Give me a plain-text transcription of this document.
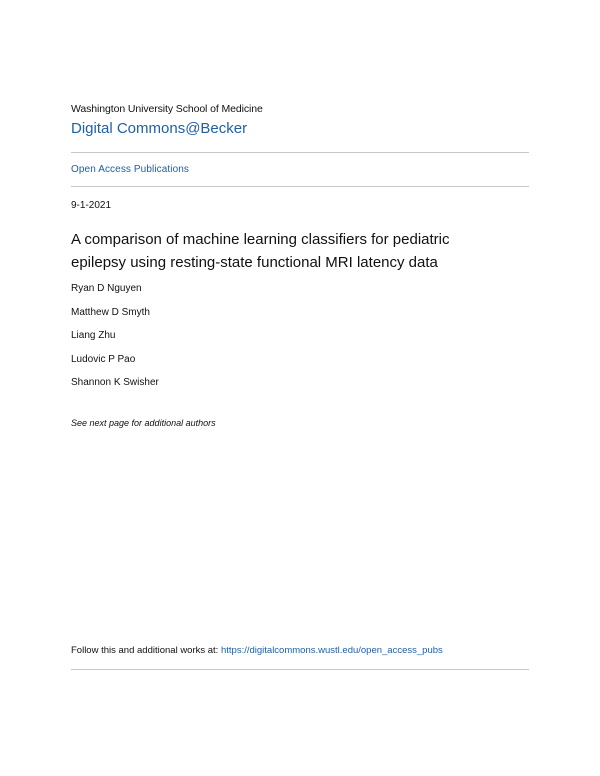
Washington University School of Medicine
Digital Commons@Becker
Open Access Publications
9-1-2021
A comparison of machine learning classifiers for pediatric epilepsy using resting-state functional MRI latency data
Ryan D Nguyen
Matthew D Smyth
Liang Zhu
Ludovic P Pao
Shannon K Swisher
See next page for additional authors
Follow this and additional works at: https://digitalcommons.wustl.edu/open_access_pubs
